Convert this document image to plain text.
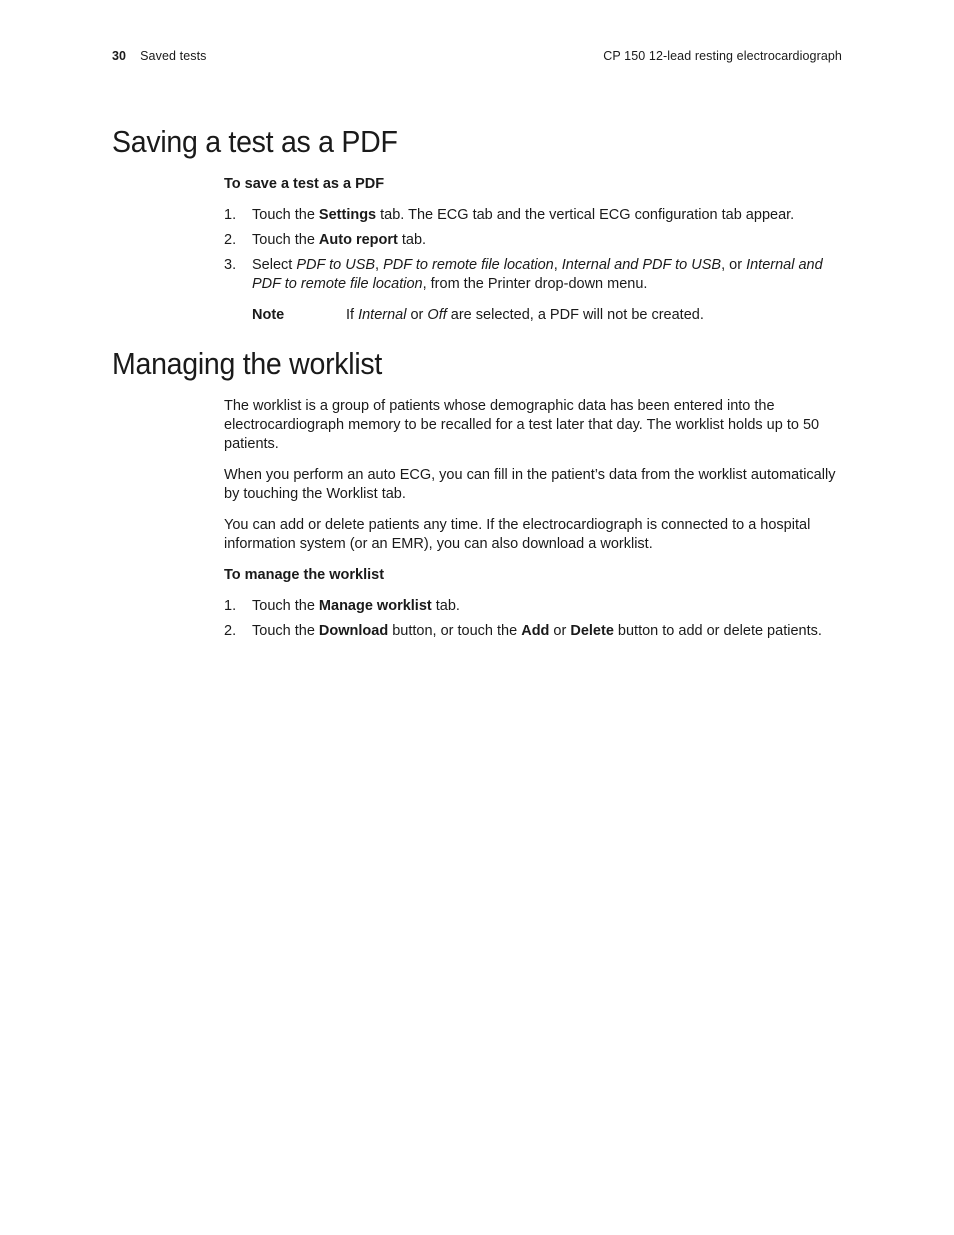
30 Saved tests	CP 150 12-lead resting electrocardiograph
Saving a test as a PDF

To save a test as a PDF

1.	Touch the Settings tab. The ECG tab and the vertical ECG configuration tab appear.
2.	Touch the Auto report tab.
3.	Select PDF to USB, PDF to remote file location, Internal and PDF to USB, or Internal and PDF to remote file location, from the Printer drop-down menu.
Note	If Internal or Off are selected, a PDF will not be created.
Managing the worklist

The worklist is a group of patients whose demographic data has been entered into the electrocardiograph memory to be recalled for a test later that day. The worklist holds up to 50 patients.

When you perform an auto ECG, you can fill in the patient’s data from the worklist automatically by touching the Worklist tab.

You can add or delete patients any time. If the electrocardiograph is connected to a hospital information system (or an EMR), you can also download a worklist.

To manage the worklist

1.	Touch the Manage worklist tab.
2.	Touch the Download button, or touch the Add or Delete button to add or delete patients.
